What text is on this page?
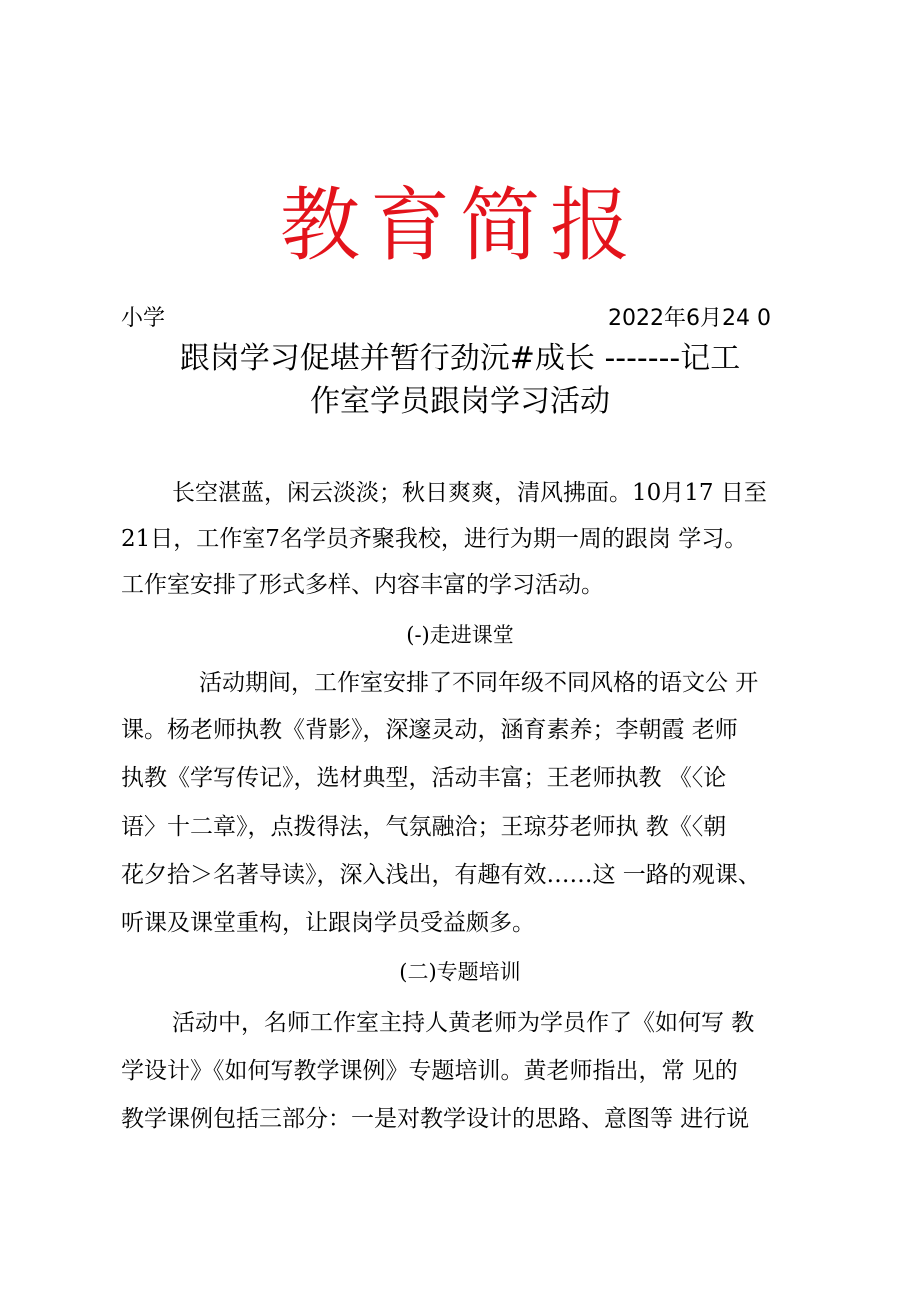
教育简报
小学	2022年6月24 0
跟岗学习促堪并暂行劲沅#成长 -------记工
作室学员跟岗学习活动
长空湛蓝，闲云淡淡；秋日爽爽，清风拂面。10月17 日至
21日，工作室7名学员齐聚我校，进行为期一周的跟岗 学习。
工作室安排了形式多样、内容丰富的学习活动。
(-)走进课堂
活动期间，工作室安排了不同年级不同风格的语文公 开
课。杨老师执教《背影》，深邃灵动，涵育素养；李朝霞 老师
执教《学写传记》，选材典型，活动丰富；王老师执教 《〈论
语〉十二章》，点拨得法，气氛融洽；王琼芬老师执 教《〈朝
花夕拾＞名著导读》，深入浅出，有趣有效……这 一路的观课、
听课及课堂重构，让跟岗学员受益颇多。
(二)专题培训
活动中，名师工作室主持人黄老师为学员作了《如何写 教
学设计》《如何写教学课例》专题培训。黄老师指出，常 见的
教学课例包括三部分：一是对教学设计的思路、意图等 进行说
